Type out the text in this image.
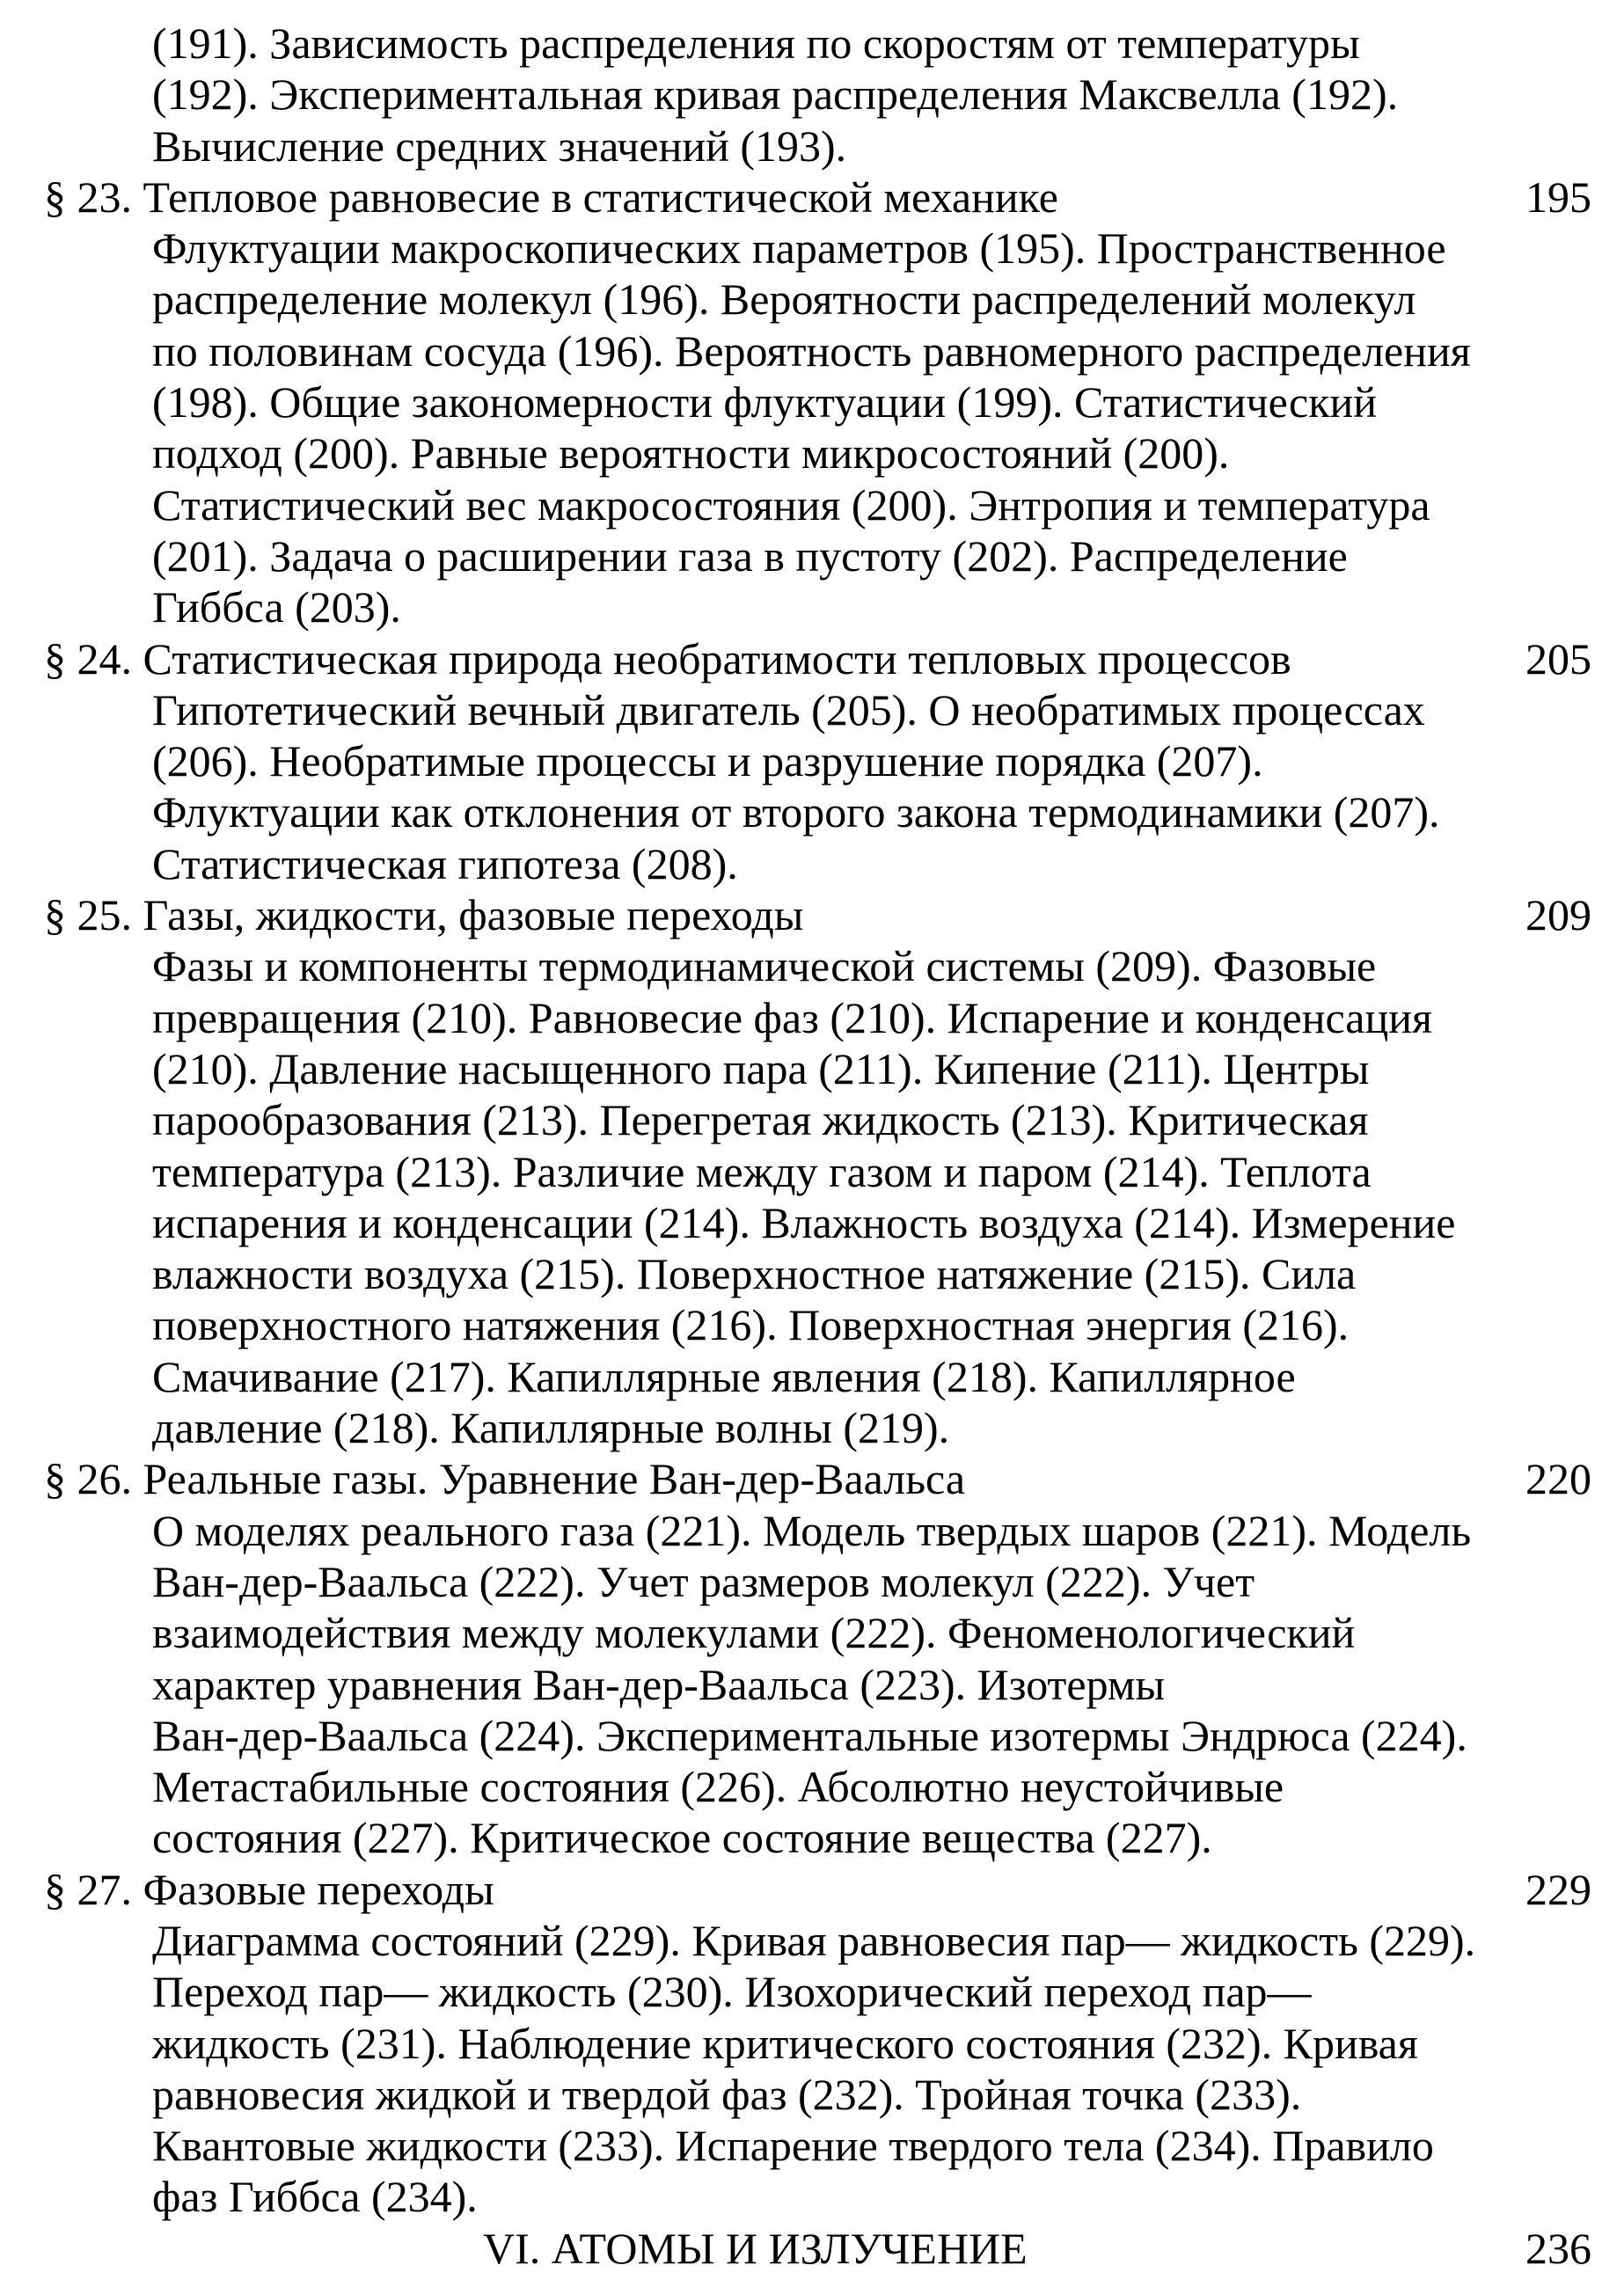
(191). Зависимость распределения по скоростям от температуры
(192). Экспериментальная кривая распределения Максвелла (192).
Вычисление средних значений (193).
§ 23. Тепловое равновесие в статистической механике	195
Флуктуации макроскопических параметров (195). Пространственное
распределение молекул (196). Вероятности распределений молекул
по половинам сосуда (196). Вероятность равномерного распределения
(198). Общие закономерности флуктуации (199). Статистический
подход (200). Равные вероятности микросостояний (200).
Статистический вес макросостояния (200). Энтропия и температура
(201). Задача о расширении газа в пустоту (202). Распределение
Гиббса (203).
§ 24. Статистическая природа необратимости тепловых процессов	205
Гипотетический вечный двигатель (205). О необратимых процессах
(206). Необратимые процессы и разрушение порядка (207).
Флуктуации как отклонения от второго закона термодинамики (207).
Статистическая гипотеза (208).
§ 25. Газы, жидкости, фазовые переходы	209
Фазы и компоненты термодинамической системы (209). Фазовые
превращения (210). Равновесие фаз (210). Испарение и конденсация
(210). Давление насыщенного пара (211). Кипение (211). Центры
парообразования (213). Перегретая жидкость (213). Критическая
температура (213). Различие между газом и паром (214). Теплота
испарения и конденсации (214). Влажность воздуха (214). Измерение
влажности воздуха (215). Поверхностное натяжение (215). Сила
поверхностного натяжения (216). Поверхностная энергия (216).
Смачивание (217). Капиллярные явления (218). Капиллярное
давление (218). Капиллярные волны (219).
§ 26. Реальные газы. Уравнение Ван-дер-Ваальса	220
О моделях реального газа (221). Модель твердых шаров (221). Модель
Ван-дер-Ваальса (222). Учет размеров молекул (222). Учет
взаимодействия между молекулами (222). Феноменологический
характер уравнения Ван-дер-Ваальса (223). Изотермы
Ван-дер-Ваальса (224). Экспериментальные изотермы Эндрюса (224).
Метастабильные состояния (226). Абсолютно неустойчивые
состояния (227). Критическое состояние вещества (227).
§ 27. Фазовые переходы	229
Диаграмма состояний (229). Кривая равновесия пар— жидкость (229).
Переход пар— жидкость (230). Изохорический переход пар—
жидкость (231). Наблюдение критического состояния (232). Кривая
равновесия жидкой и твердой фаз (232). Тройная точка (233).
Квантовые жидкости (233). Испарение твердого тела (234). Правило
фаз Гиббса (234).
VI. АТОМЫ И ИЗЛУЧЕНИЕ	236
